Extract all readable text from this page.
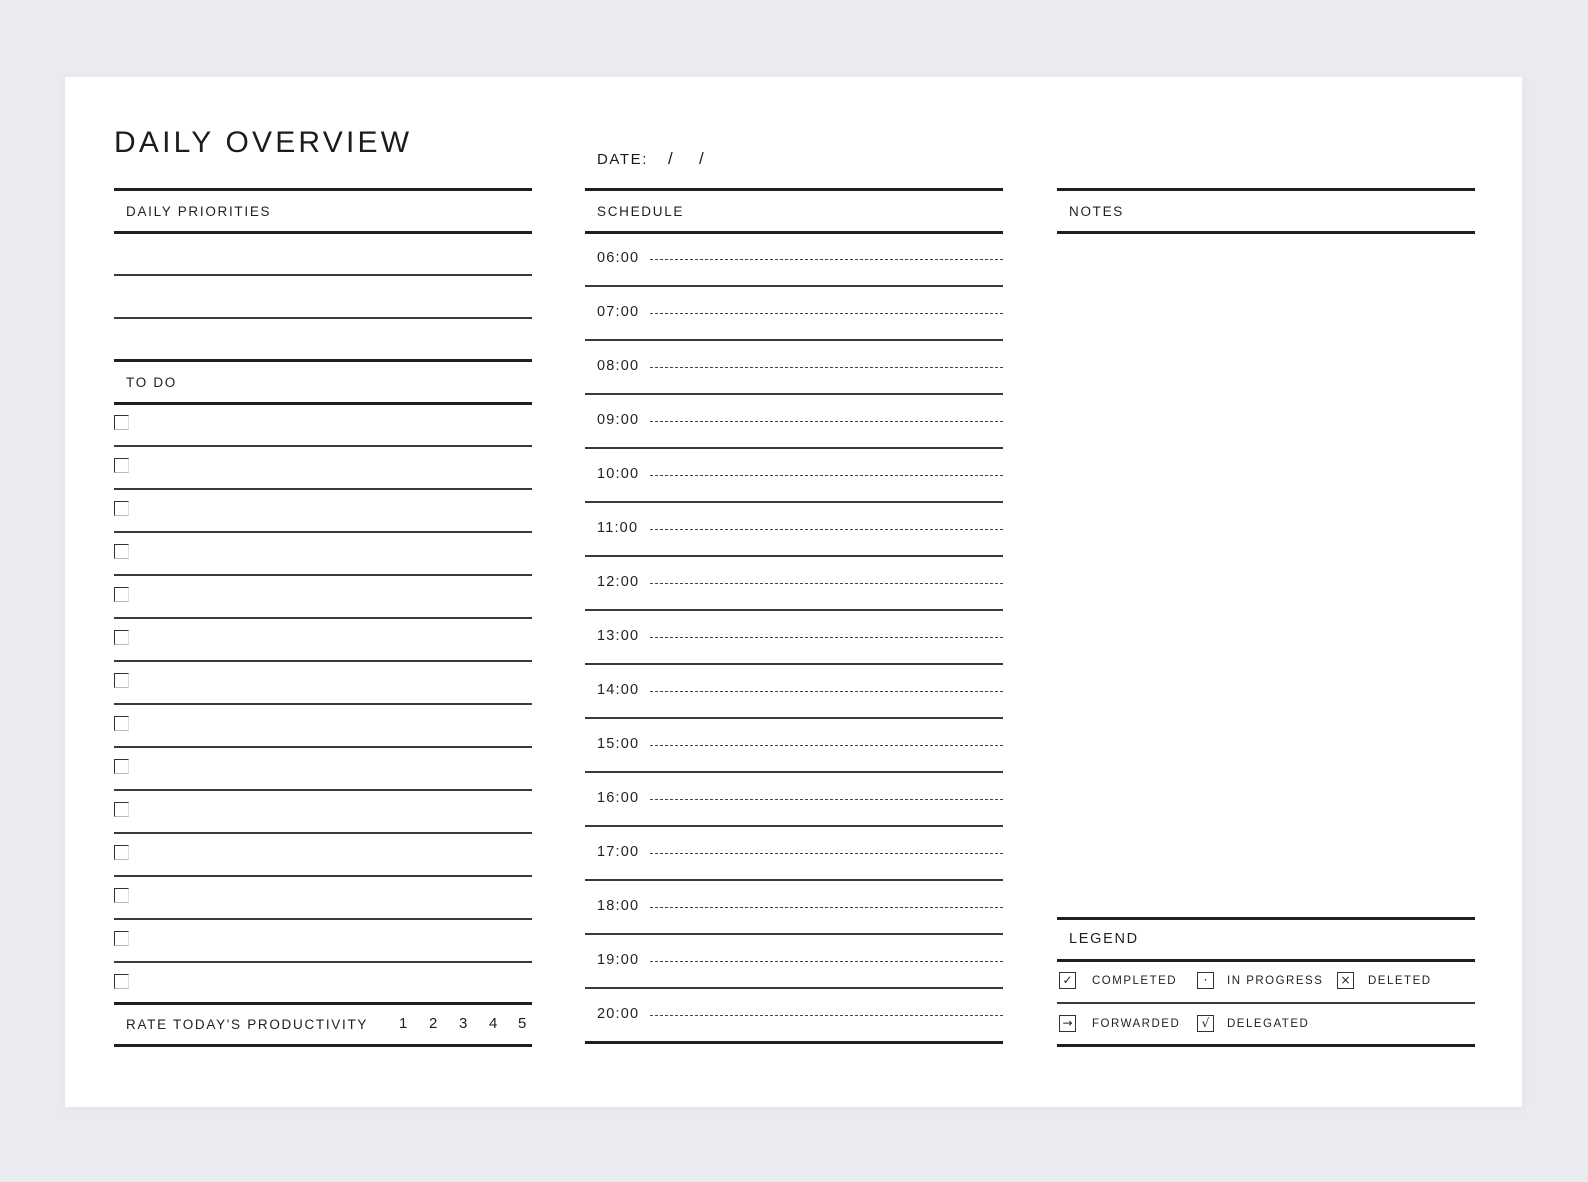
DAILY OVERVIEW
DATE: / /
DAILY PRIORITIES
TO DO
RATE TODAY'S PRODUCTIVITY 1 2 3 4 5
SCHEDULE
06:00
07:00
08:00
09:00
10:00
11:00
12:00
13:00
14:00
15:00
16:00
17:00
18:00
19:00
20:00
NOTES
LEGEND
✓	COMPLETED	·	IN PROGRESS ×	DELETED
→	FORWARDED	√	DELEGATED
